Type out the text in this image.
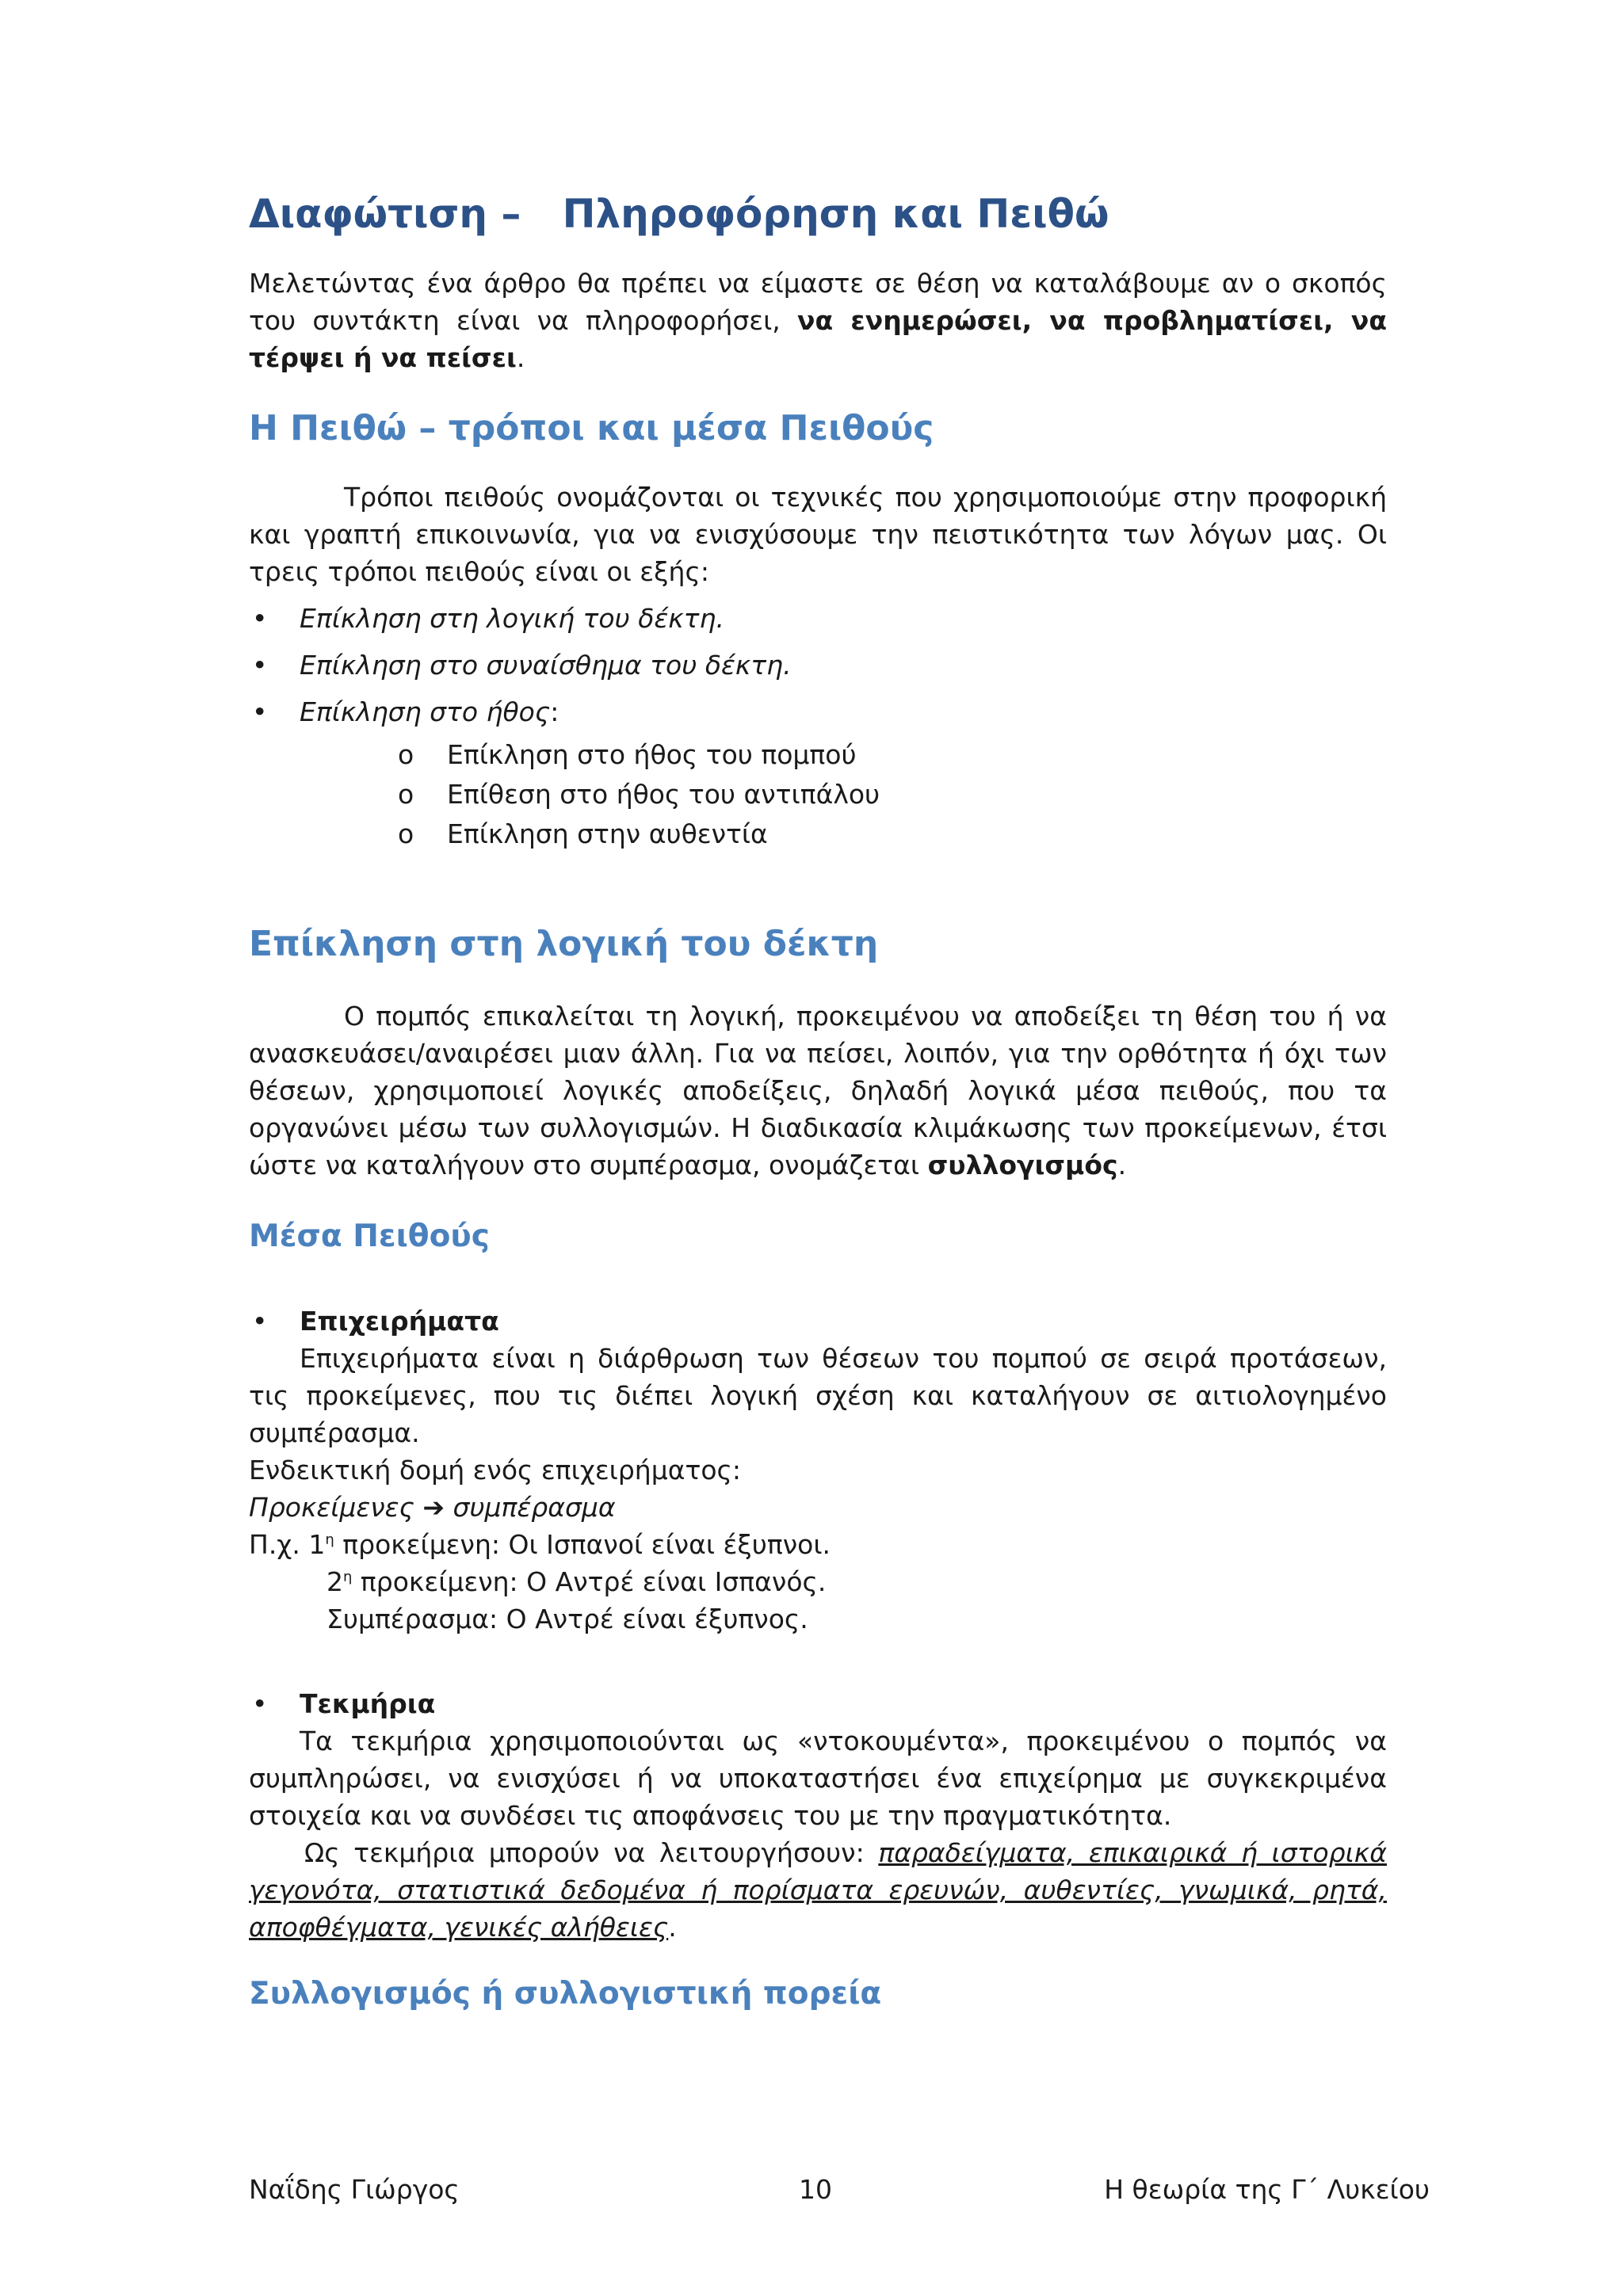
Διαφώτιση –   Πληροφόρηση και Πειθώ

Μελετώντας ένα άρθρο θα πρέπει να είμαστε σε θέση να καταλάβουμε αν ο σκοπός του συντάκτη είναι να πληροφορήσει, να ενημερώσει, να προβληματίσει, να τέρψει ή να πείσει.

Η Πειθώ – τρόποι και μέσα Πειθούς

Τρόποι πειθούς ονομάζονται οι τεχνικές που χρησιμοποιούμε στην προφορική και γραπτή επικοινωνία, για να ενισχύσουμε την πειστικότητα των λόγων μας. Οι τρεις τρόποι πειθούς είναι οι εξής:

• Επίκληση στη λογική του δέκτη.
• Επίκληση στο συναίσθημα του δέκτη.
• Επίκληση στο ήθος:
o Επίκληση στο ήθος του πομπού
o Επίθεση στο ήθος του αντιπάλου
o Επίκληση στην αυθεντία
Επίκληση στη λογική του δέκτη

Ο πομπός επικαλείται τη λογική, προκειμένου να αποδείξει τη θέση του ή να ανασκευάσει/αναιρέσει μιαν άλλη. Για να πείσει, λοιπόν, για την ορθότητα ή όχι των θέσεων, χρησιμοποιεί λογικές αποδείξεις, δηλαδή λογικά μέσα πειθούς, που τα οργανώνει μέσω των συλλογισμών. Η διαδικασία κλιμάκωσης των προκείμενων, έτσι ώστε να καταλήγουν στο συμπέρασμα, ονομάζεται συλλογισμός.

Μέσα Πειθούς
• Επιχειρήματα

Επιχειρήματα είναι η διάρθρωση των θέσεων του πομπού σε σειρά προτάσεων, τις προκείμενες, που τις διέπει λογική σχέση και καταλήγουν σε αιτιολογημένο συμπέρασμα.

Ενδεικτική δομή ενός επιχειρήματος:

Προκείμενες ➔ συμπέρασμα

Π.χ. $1^\eta$ προκείμενη: Οι Ισπανοί είναι έξυπνοι.

$2^\eta$ προκείμενη: Ο Αντρέ είναι Ισπανός.

Συμπέρασμα: Ο Αντρέ είναι έξυπνος.

• Τεκμήρια

Τα τεκμήρια χρησιμοποιούνται ως «ντοκουμέντα», προκειμένου ο πομπός να συμπληρώσει, να ενισχύσει ή να υποκαταστήσει ένα επιχείρημα με συγκεκριμένα στοιχεία και να συνδέσει τις αποφάνσεις του με την πραγματικότητα.

Ως τεκμήρια μπορούν να λειτουργήσουν: παραδείγματα, επικαιρικά ή ιστορικά γεγονότα, στατιστικά δεδομένα ή πορίσματα ερευνών, αυθεντίες, γνωμικά, ρητά, αποφθέγματα, γενικές αλήθειες.

Συλλογισμός ή συλλογιστική πορεία
Ναΐδης Γιώργος	10	Η θεωρία της Γ΄ Λυκείου
